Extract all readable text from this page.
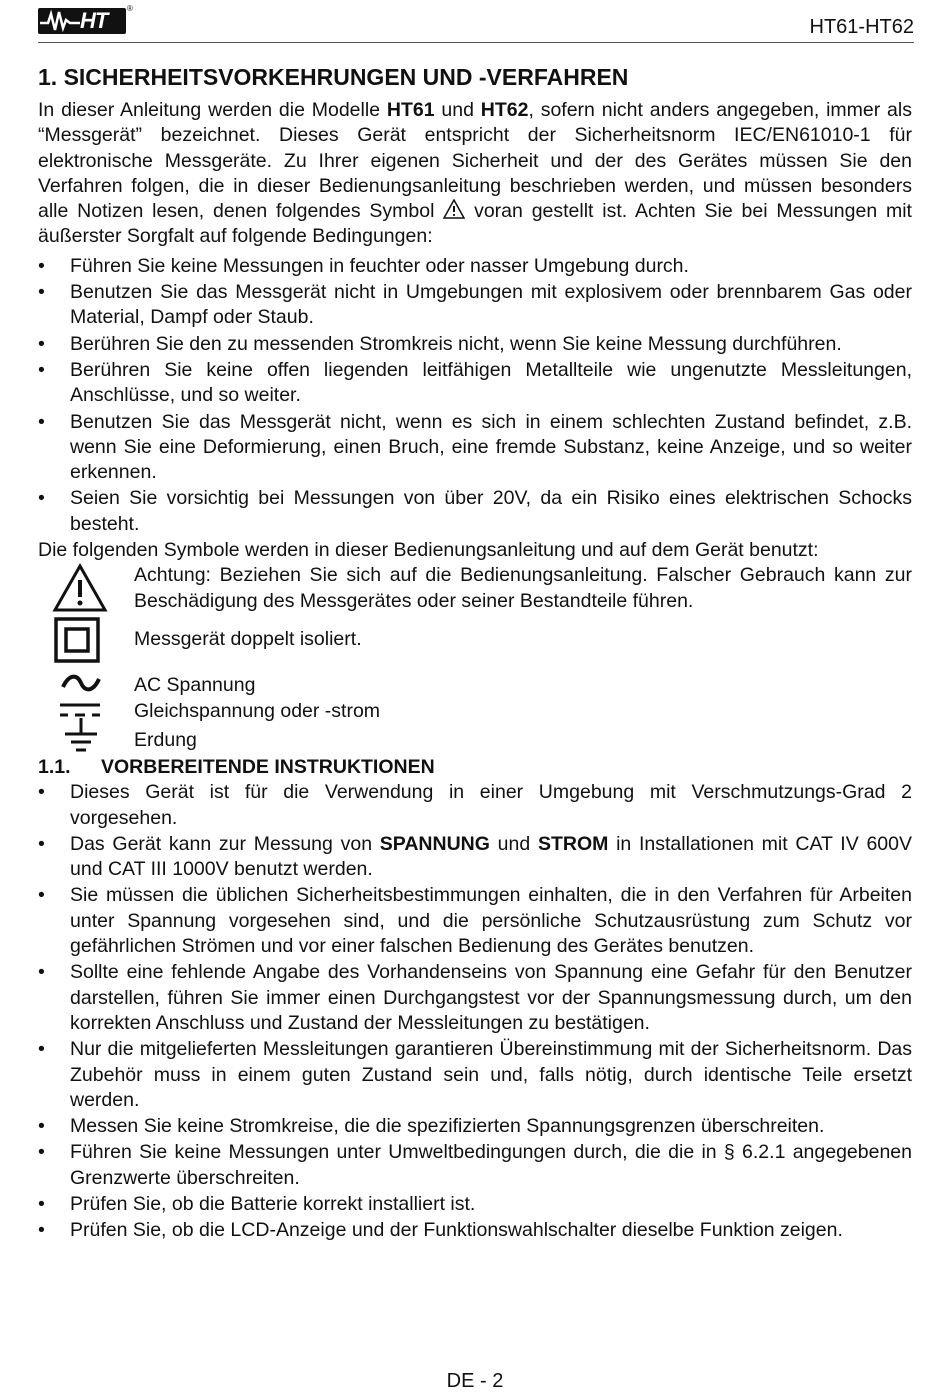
HT ®
HT61-HT62
1. SICHERHEITSVORKEHRUNGEN UND -VERFAHREN

In dieser Anleitung werden die Modelle HT61 und HT62, sofern nicht anders angegeben, immer als “Messgerät” bezeichnet. Dieses Gerät entspricht der Sicherheitsnorm IEC/EN61010-1 für elektronische Messgeräte. Zu Ihrer eigenen Sicherheit und der des Gerätes müssen Sie den Verfahren folgen, die in dieser Bedienungsanleitung beschrieben werden, und müssen besonders alle Notizen lesen, denen folgendes Symbol  voran gestellt ist. Achten Sie bei Messungen mit äußerster Sorgfalt auf folgende Bedingungen:

• Führen Sie keine Messungen in feuchter oder nasser Umgebung durch.
• Benutzen Sie das Messgerät nicht in Umgebungen mit explosivem oder brennbarem Gas oder Material, Dampf oder Staub.
• Berühren Sie den zu messenden Stromkreis nicht, wenn Sie keine Messung durchführen.
• Berühren Sie keine offen liegenden leitfähigen Metallteile wie ungenutzte Messleitungen, Anschlüsse, und so weiter.
• Benutzen Sie das Messgerät nicht, wenn es sich in einem schlechten Zustand befindet, z.B. wenn Sie eine Deformierung, einen Bruch, eine fremde Substanz, keine Anzeige, und so weiter erkennen.
• Seien Sie vorsichtig bei Messungen von über 20V, da ein Risiko eines elektrischen Schocks besteht.

Die folgenden Symbole werden in dieser Bedienungsanleitung und auf dem Gerät benutzt:

Achtung: Beziehen Sie sich auf die Bedienungsanleitung. Falscher Gebrauch kann zur Beschädigung des Messgerätes oder seiner Bestandteile führen.

Messgerät doppelt isoliert.

AC Spannung

Gleichspannung oder -strom

Erdung

1.1. VORBEREITENDE INSTRUKTIONEN
• Dieses Gerät ist für die Verwendung in einer Umgebung mit Verschmutzungs-Grad 2 vorgesehen.
• Das Gerät kann zur Messung von SPANNUNG und STROM in Installationen mit CAT IV 600V und CAT III 1000V benutzt werden.
• Sie müssen die üblichen Sicherheitsbestimmungen einhalten, die in den Verfahren für Arbeiten unter Spannung vorgesehen sind, und die persönliche Schutzausrüstung zum Schutz vor gefährlichen Strömen und vor einer falschen Bedienung des Gerätes benutzen.
• Sollte eine fehlende Angabe des Vorhandenseins von Spannung eine Gefahr für den Benutzer darstellen, führen Sie immer einen Durchgangstest vor der Spannungsmessung durch, um den korrekten Anschluss und Zustand der Messleitungen zu bestätigen.
• Nur die mitgelieferten Messleitungen garantieren Übereinstimmung mit der Sicherheitsnorm. Das Zubehör muss in einem guten Zustand sein und, falls nötig, durch identische Teile ersetzt werden.
• Messen Sie keine Stromkreise, die die spezifizierten Spannungsgrenzen überschreiten.
• Führen Sie keine Messungen unter Umweltbedingungen durch, die die in § 6.2.1 angegebenen Grenzwerte überschreiten.
• Prüfen Sie, ob die Batterie korrekt installiert ist.
• Prüfen Sie, ob die LCD-Anzeige und der Funktionswahlschalter dieselbe Funktion zeigen.
DE - 2
